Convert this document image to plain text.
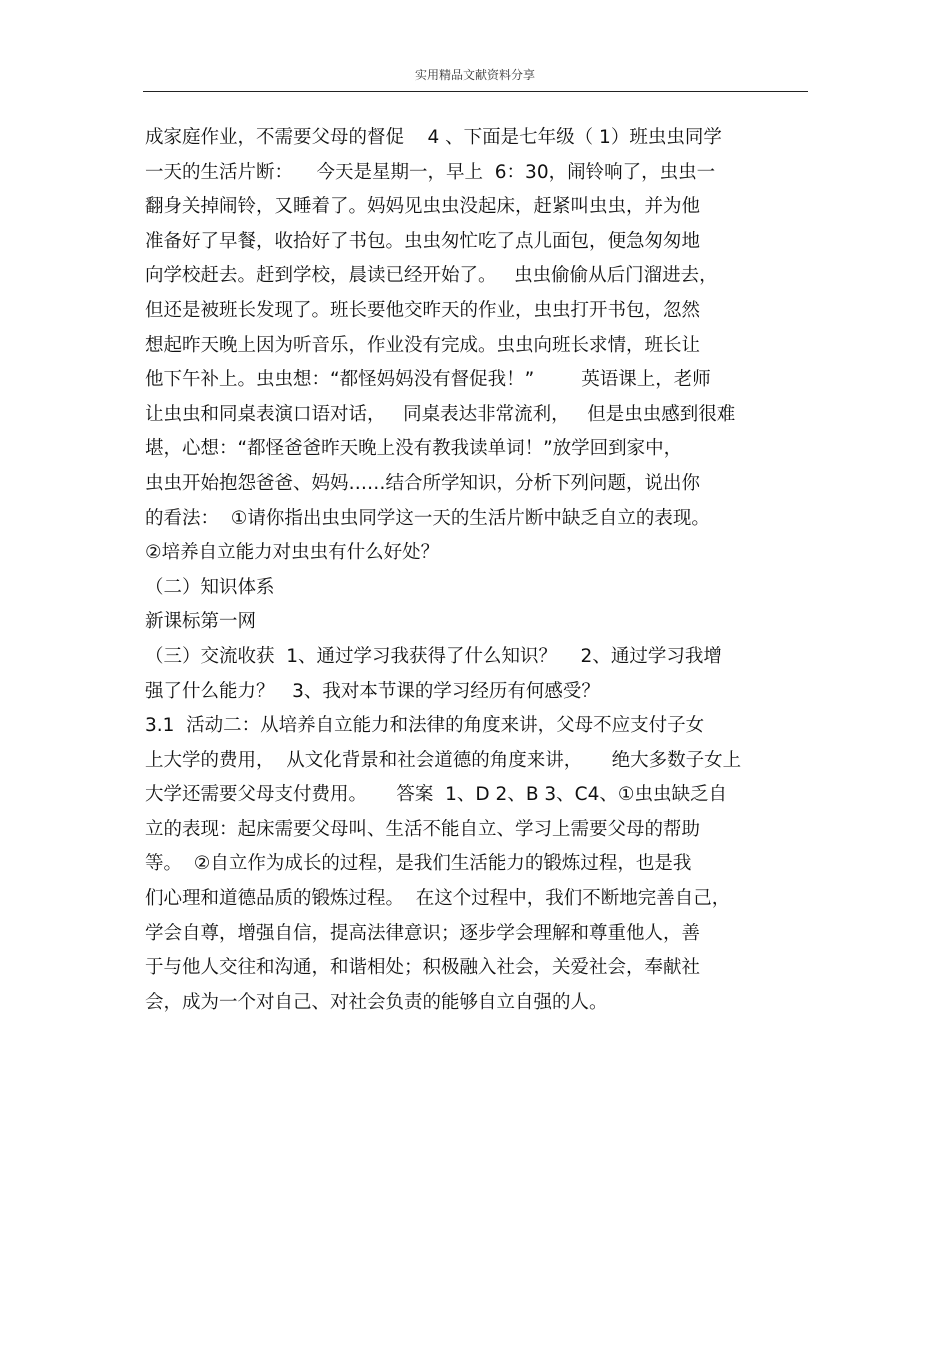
实用精品文献资料分享
成家庭作业，不需要父母的督促    4 、下面是七年级（ 1）班虫虫同学
一天的生活片断：    今天是星期一，早上  6：30，闹铃响了，虫虫一
翻身关掉闹铃，又睡着了。妈妈见虫虫没起床，赶紧叫虫虫，并为他
准备好了早餐，收拾好了书包。虫虫匆忙吃了点儿面包，便急匆匆地
向学校赶去。赶到学校，晨读已经开始了。   虫虫偷偷从后门溜进去，
但还是被班长发现了。班长要他交昨天的作业，虫虫打开书包，忽然
想起昨天晚上因为听音乐，作业没有完成。虫虫向班长求情，班长让
他下午补上。虫虫想：“都怪妈妈没有督促我！”        英语课上，老师
让虫虫和同桌表演口语对话，   同桌表达非常流利，   但是虫虫感到很难
堪，心想：“都怪爸爸昨天晚上没有教我读单词！”放学回到家中，
虫虫开始抱怨爸爸、妈妈……结合所学知识，分析下列问题，说出你
的看法：  ①请你指出虫虫同学这一天的生活片断中缺乏自立的表现。
②培养自立能力对虫虫有什么好处？
（二）知识体系
新课标第一网
（三）交流收获  1、通过学习我获得了什么知识？    2、通过学习我增
强了什么能力？   3、我对本节课的学习经历有何感受？
3.1  活动二：从培养自立能力和法律的角度来讲，父母不应支付子女
上大学的费用，  从文化背景和社会道德的角度来讲，     绝大多数子女上
大学还需要父母支付费用。     答案  1、D 2、B 3、C4、①虫虫缺乏自
立的表现：起床需要父母叫、生活不能自立、学习上需要父母的帮助
等。  ②自立作为成长的过程，是我们生活能力的锻炼过程，也是我
们心理和道德品质的锻炼过程。  在这个过程中，我们不断地完善自己，
学会自尊，增强自信，提高法律意识；逐步学会理解和尊重他人，善
于与他人交往和沟通，和谐相处；积极融入社会，关爱社会，奉献社
会，成为一个对自己、对社会负责的能够自立自强的人。
